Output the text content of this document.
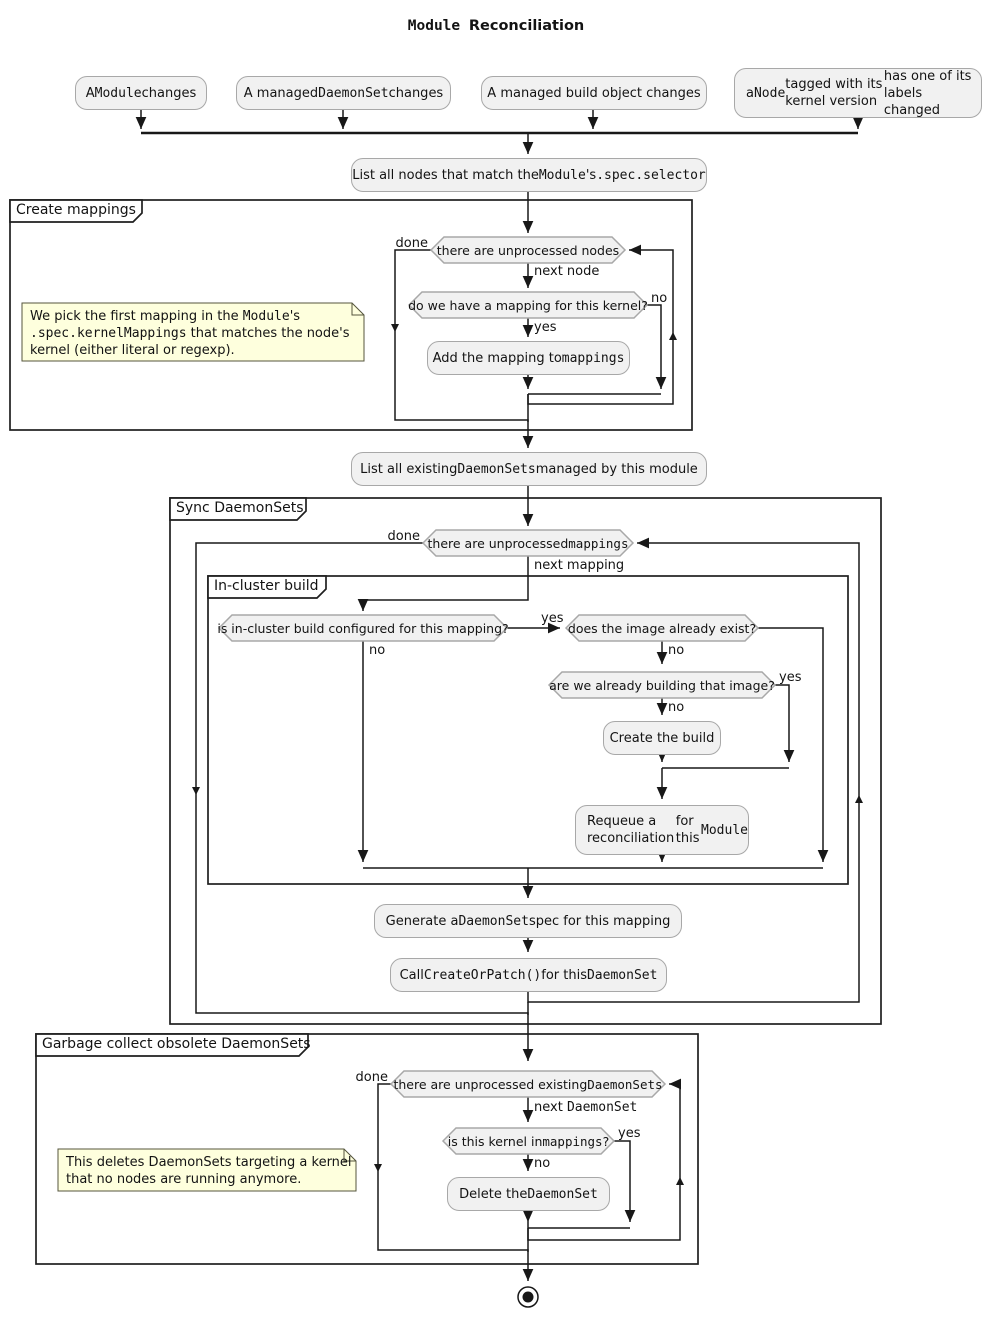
Module Reconciliation
A Module changes	A managed DaemonSet changes	A managed build object changes	a Node
tagged with its kernel version

has one of its labels changed
List all nodes that match the Module 's .spec.selector
Add the mapping to mappings
List all existing DaemonSets managed by this module
Create the build
Requeue a reconciliation

for this
Module
Generate a DaemonSet spec for this mapping
Call CreateOrPatch() for this DaemonSet
Delete the DaemonSet
there are unprocessed nodes
do we have a mapping for this kernel?
there are unprocessed mappings
is in-cluster build configured for this mapping?	does the image already exist?
are we already building that image?
there are unprocessed existing DaemonSets
is this kernel in mappings ?
Create mappings
Sync DaemonSets
In-cluster build
Garbage collect obsolete DaemonSets
We pick the first mapping in the Module's
.spec.kernelMappings that matches the node's
kernel (either literal or regexp).
This deletes DaemonSets targeting a kernel
that no nodes are running anymore.
done
next node
no
yes
done
next mapping
yes
no	no
yes
no
done
next DaemonSet
yes
no
